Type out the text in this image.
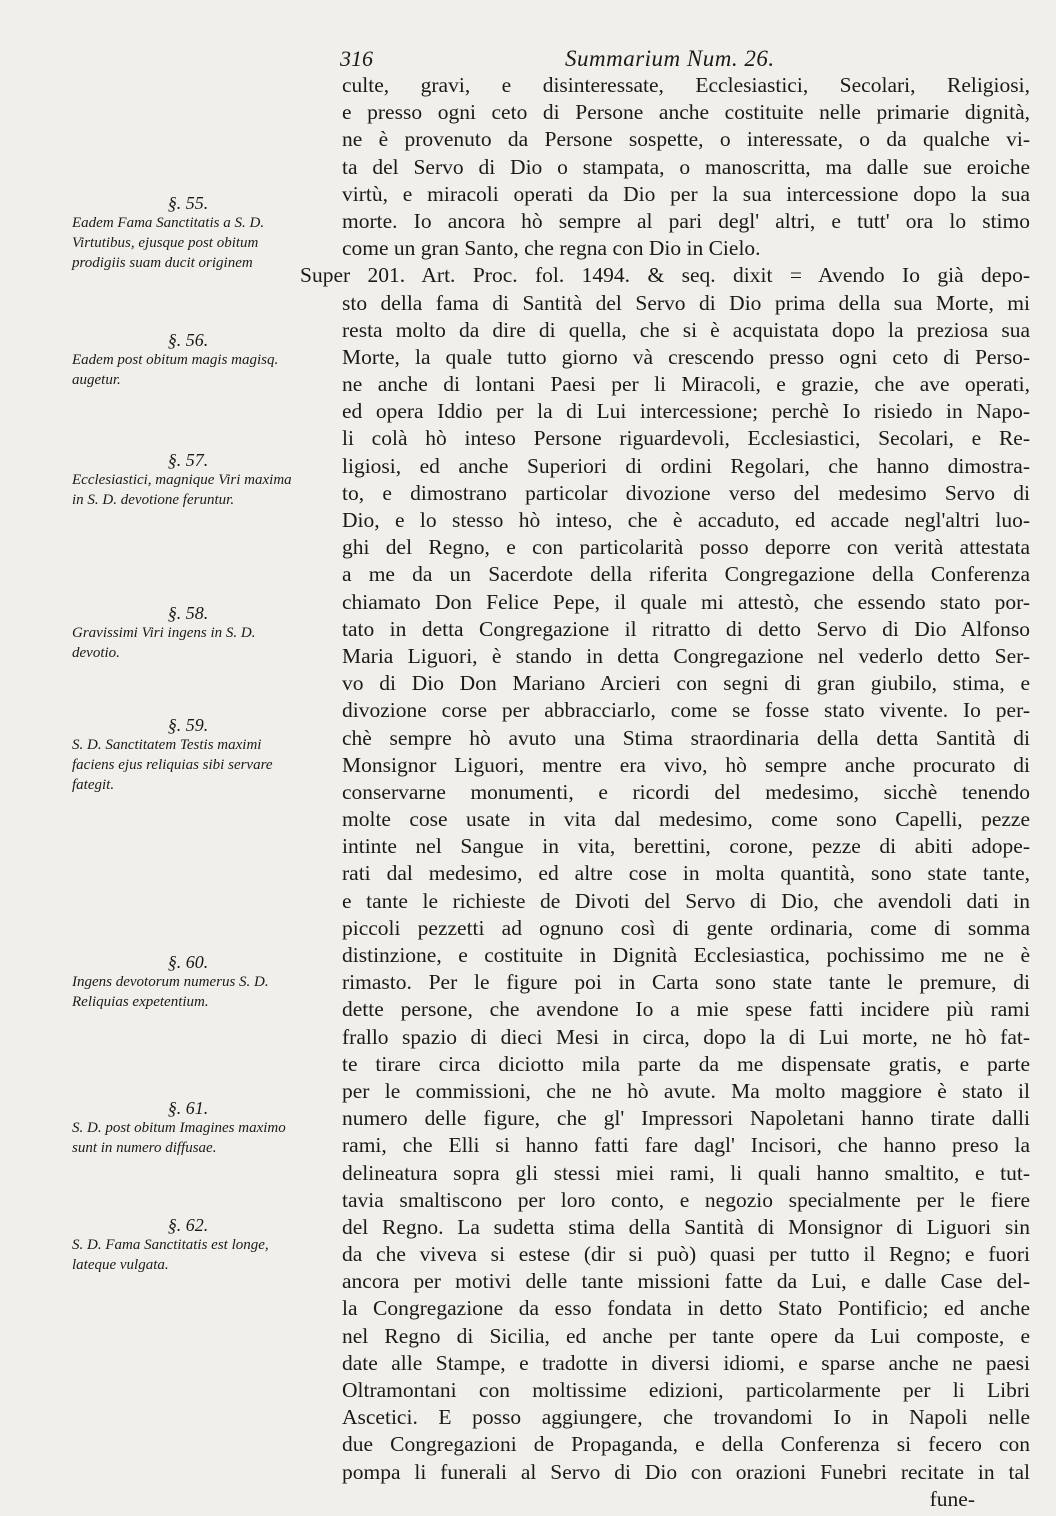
316	Summarium Num. 26.
culte, gravi, e disinteressate, Ecclesiastici, Secolari, Religiosi,
e presso ogni ceto di Persone anche costituite nelle primarie dignità,
ne è provenuto da Persone sospette, o interessate, o da qualche vi-
ta del Servo di Dio o stampata, o manoscritta, ma dalle sue eroiche
virtù, e miracoli operati da Dio per la sua intercessione dopo la sua
morte. Io ancora hò sempre al pari degl' altri, e tutt' ora lo stimo
come un gran Santo, che regna con Dio in Cielo.
Super 201. Art. Proc. fol. 1494. & seq. dixit = Avendo Io già depo-
sto della fama di Santità del Servo di Dio prima della sua Morte, mi
resta molto da dire di quella, che si è acquistata dopo la preziosa sua
Morte, la quale tutto giorno và crescendo presso ogni ceto di Perso-
ne anche di lontani Paesi per li Miracoli, e grazie, che ave operati,
ed opera Iddio per la di Lui intercessione; perchè Io risiedo in Napo-
li colà hò inteso Persone riguardevoli, Ecclesiastici, Secolari, e Re-
ligiosi, ed anche Superiori di ordini Regolari, che hanno dimostra-
to, e dimostrano particolar divozione verso del medesimo Servo di
Dio, e lo stesso hò inteso, che è accaduto, ed accade negl'altri luo-
ghi del Regno, e con particolarità posso deporre con verità attestata
a me da un Sacerdote della riferita Congregazione della Conferenza
chiamato Don Felice Pepe, il quale mi attestò, che essendo stato por-
tato in detta Congregazione il ritratto di detto Servo di Dio Alfonso
Maria Liguori, è stando in detta Congregazione nel vederlo detto Ser-
vo di Dio Don Mariano Arcieri con segni di gran giubilo, stima, e
divozione corse per abbracciarlo, come se fosse stato vivente. Io per-
chè sempre hò avuto una Stima straordinaria della detta Santità di
Monsignor Liguori, mentre era vivo, hò sempre anche procurato di
conservarne monumenti, e ricordi del medesimo, sicchè tenendo
molte cose usate in vita dal medesimo, come sono Capelli, pezze
intinte nel Sangue in vita, berettini, corone, pezze di abiti adope-
rati dal medesimo, ed altre cose in molta quantità, sono state tante,
e tante le richieste de Divoti del Servo di Dio, che avendoli dati in
piccoli pezzetti ad ognuno così di gente ordinaria, come di somma
distinzione, e costituite in Dignità Ecclesiastica, pochissimo me ne è
rimasto. Per le figure poi in Carta sono state tante le premure, di
dette persone, che avendone Io a mie spese fatti incidere più rami
frallo spazio di dieci Mesi in circa, dopo la di Lui morte, ne hò fat-
te tirare circa diciotto mila parte da me dispensate gratis, e parte
per le commissioni, che ne hò avute. Ma molto maggiore è stato il
numero delle figure, che gl' Impressori Napoletani hanno tirate dalli
rami, che Elli si hanno fatti fare dagl' Incisori, che hanno preso la
delineatura sopra gli stessi miei rami, li quali hanno smaltito, e tut-
tavia smaltiscono per loro conto, e negozio specialmente per le fiere
del Regno. La sudetta stima della Santità di Monsignor di Liguori sin
da che viveva si estese (dir si può) quasi per tutto il Regno; e fuori
ancora per motivi delle tante missioni fatte da Lui, e dalle Case del-
la Congregazione da esso fondata in detto Stato Pontificio; ed anche
nel Regno di Sicilia, ed anche per tante opere da Lui composte, e
date alle Stampe, e tradotte in diversi idiomi, e sparse anche ne paesi
Oltramontani con moltissime edizioni, particolarmente per li Libri
Ascetici. E posso aggiungere, che trovandomi Io in Napoli nelle
due Congregazioni de Propaganda, e della Conferenza si fecero con
pompa li funerali al Servo di Dio con orazioni Funebri recitate in tal
fune-
§. 55.
Eadem Fama Sanctitatis a S. D. Virtutibus, ejusque post obitum prodigiis suam ducit originem
§. 56.
Eadem post obitum magis magisq. augetur.
§. 57.
Ecclesiastici, magnique Viri maxima in S. D. devotione feruntur.
§. 58.
Gravissimi Viri ingens in S. D. devotio.
§. 59.
S. D. Sanctitatem Testis maximi faciens ejus reliquias sibi servare fategit.
§. 60.
Ingens devotorum numerus S. D. Reliquias expetentium.
§. 61.
S. D. post obitum Imagines maximo sunt in numero diffusae.
§. 62.
S. D. Fama Sanctitatis est longe, lateque vulgata.
